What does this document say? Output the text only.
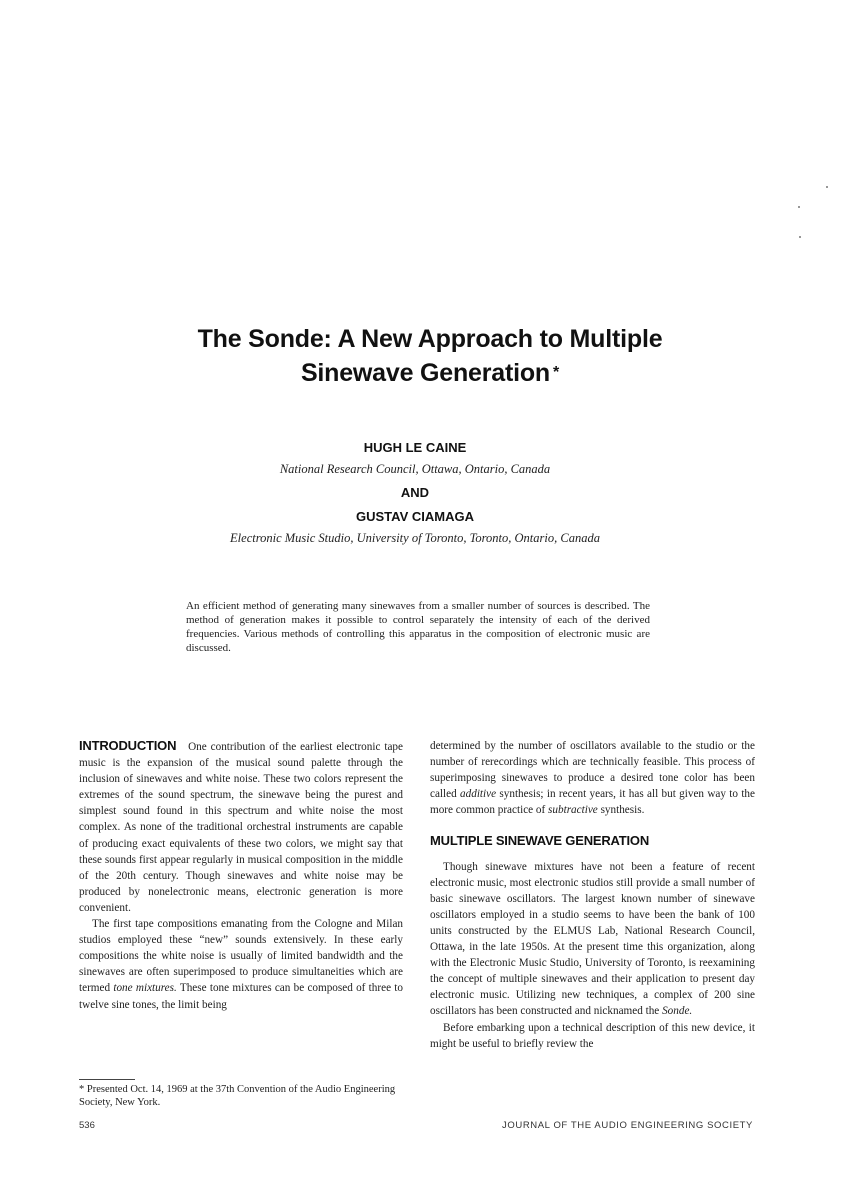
The Sonde: A New Approach to Multiple
Sinewave Generation *
HUGH LE CAINE
National Research Council, Ottawa, Ontario, Canada
AND
GUSTAV CIAMAGA
Electronic Music Studio, University of Toronto, Toronto, Ontario, Canada
An efficient method of generating many sinewaves from a smaller number of sources is described. The method of generation makes it possible to control separately the intensity of each of the derived frequencies. Various methods of controlling this apparatus in the composition of electronic music are discussed.

INTRODUCTION One contribution of the earliest electronic tape music is the expansion of the musical sound palette through the inclusion of sinewaves and white noise. These two colors represent the extremes of the sound spectrum, the sinewave being the purest and simplest sound found in this spectrum and white noise the most complex. As none of the traditional orchestral instruments are capable of producing exact equivalents of these two colors, we might say that these sounds first appear regularly in musical composition in the middle of the 20th century. Though sinewaves and white noise may be produced by nonelectronic means, electronic generation is more convenient.

The first tape compositions emanating from the Cologne and Milan studios employed these “new” sounds extensively. In these early compositions the white noise is usually of limited bandwidth and the sinewaves are often superimposed to produce simultaneities which are termed tone mixtures. These tone mixtures can be composed of three to twelve sine tones, the limit being

determined by the number of oscillators available to the studio or the number of rerecordings which are technically feasible. This process of superimposing sinewaves to produce a desired tone color has been called additive synthesis; in recent years, it has all but given way to the more common practice of subtractive synthesis.

MULTIPLE SINEWAVE GENERATION

Though sinewave mixtures have not been a feature of recent electronic music, most electronic studios still provide a small number of basic sinewave oscillators. The largest known number of sinewave oscillators employed in a studio seems to have been the bank of 100 units constructed by the ELMUS Lab, National Research Council, Ottawa, in the late 1950s. At the present time this organization, along with the Electronic Music Studio, University of Toronto, is reexamining the concept of multiple sinewaves and their application to present day electronic music. Utilizing new techniques, a complex of 200 sine oscillators has been constructed and nicknamed the Sonde.

Before embarking upon a technical description of this new device, it might be useful to briefly review the

* Presented Oct. 14, 1969 at the 37th Convention of the Audio Engineering Society, New York.
536	JOURNAL OF THE AUDIO ENGINEERING SOCIETY
